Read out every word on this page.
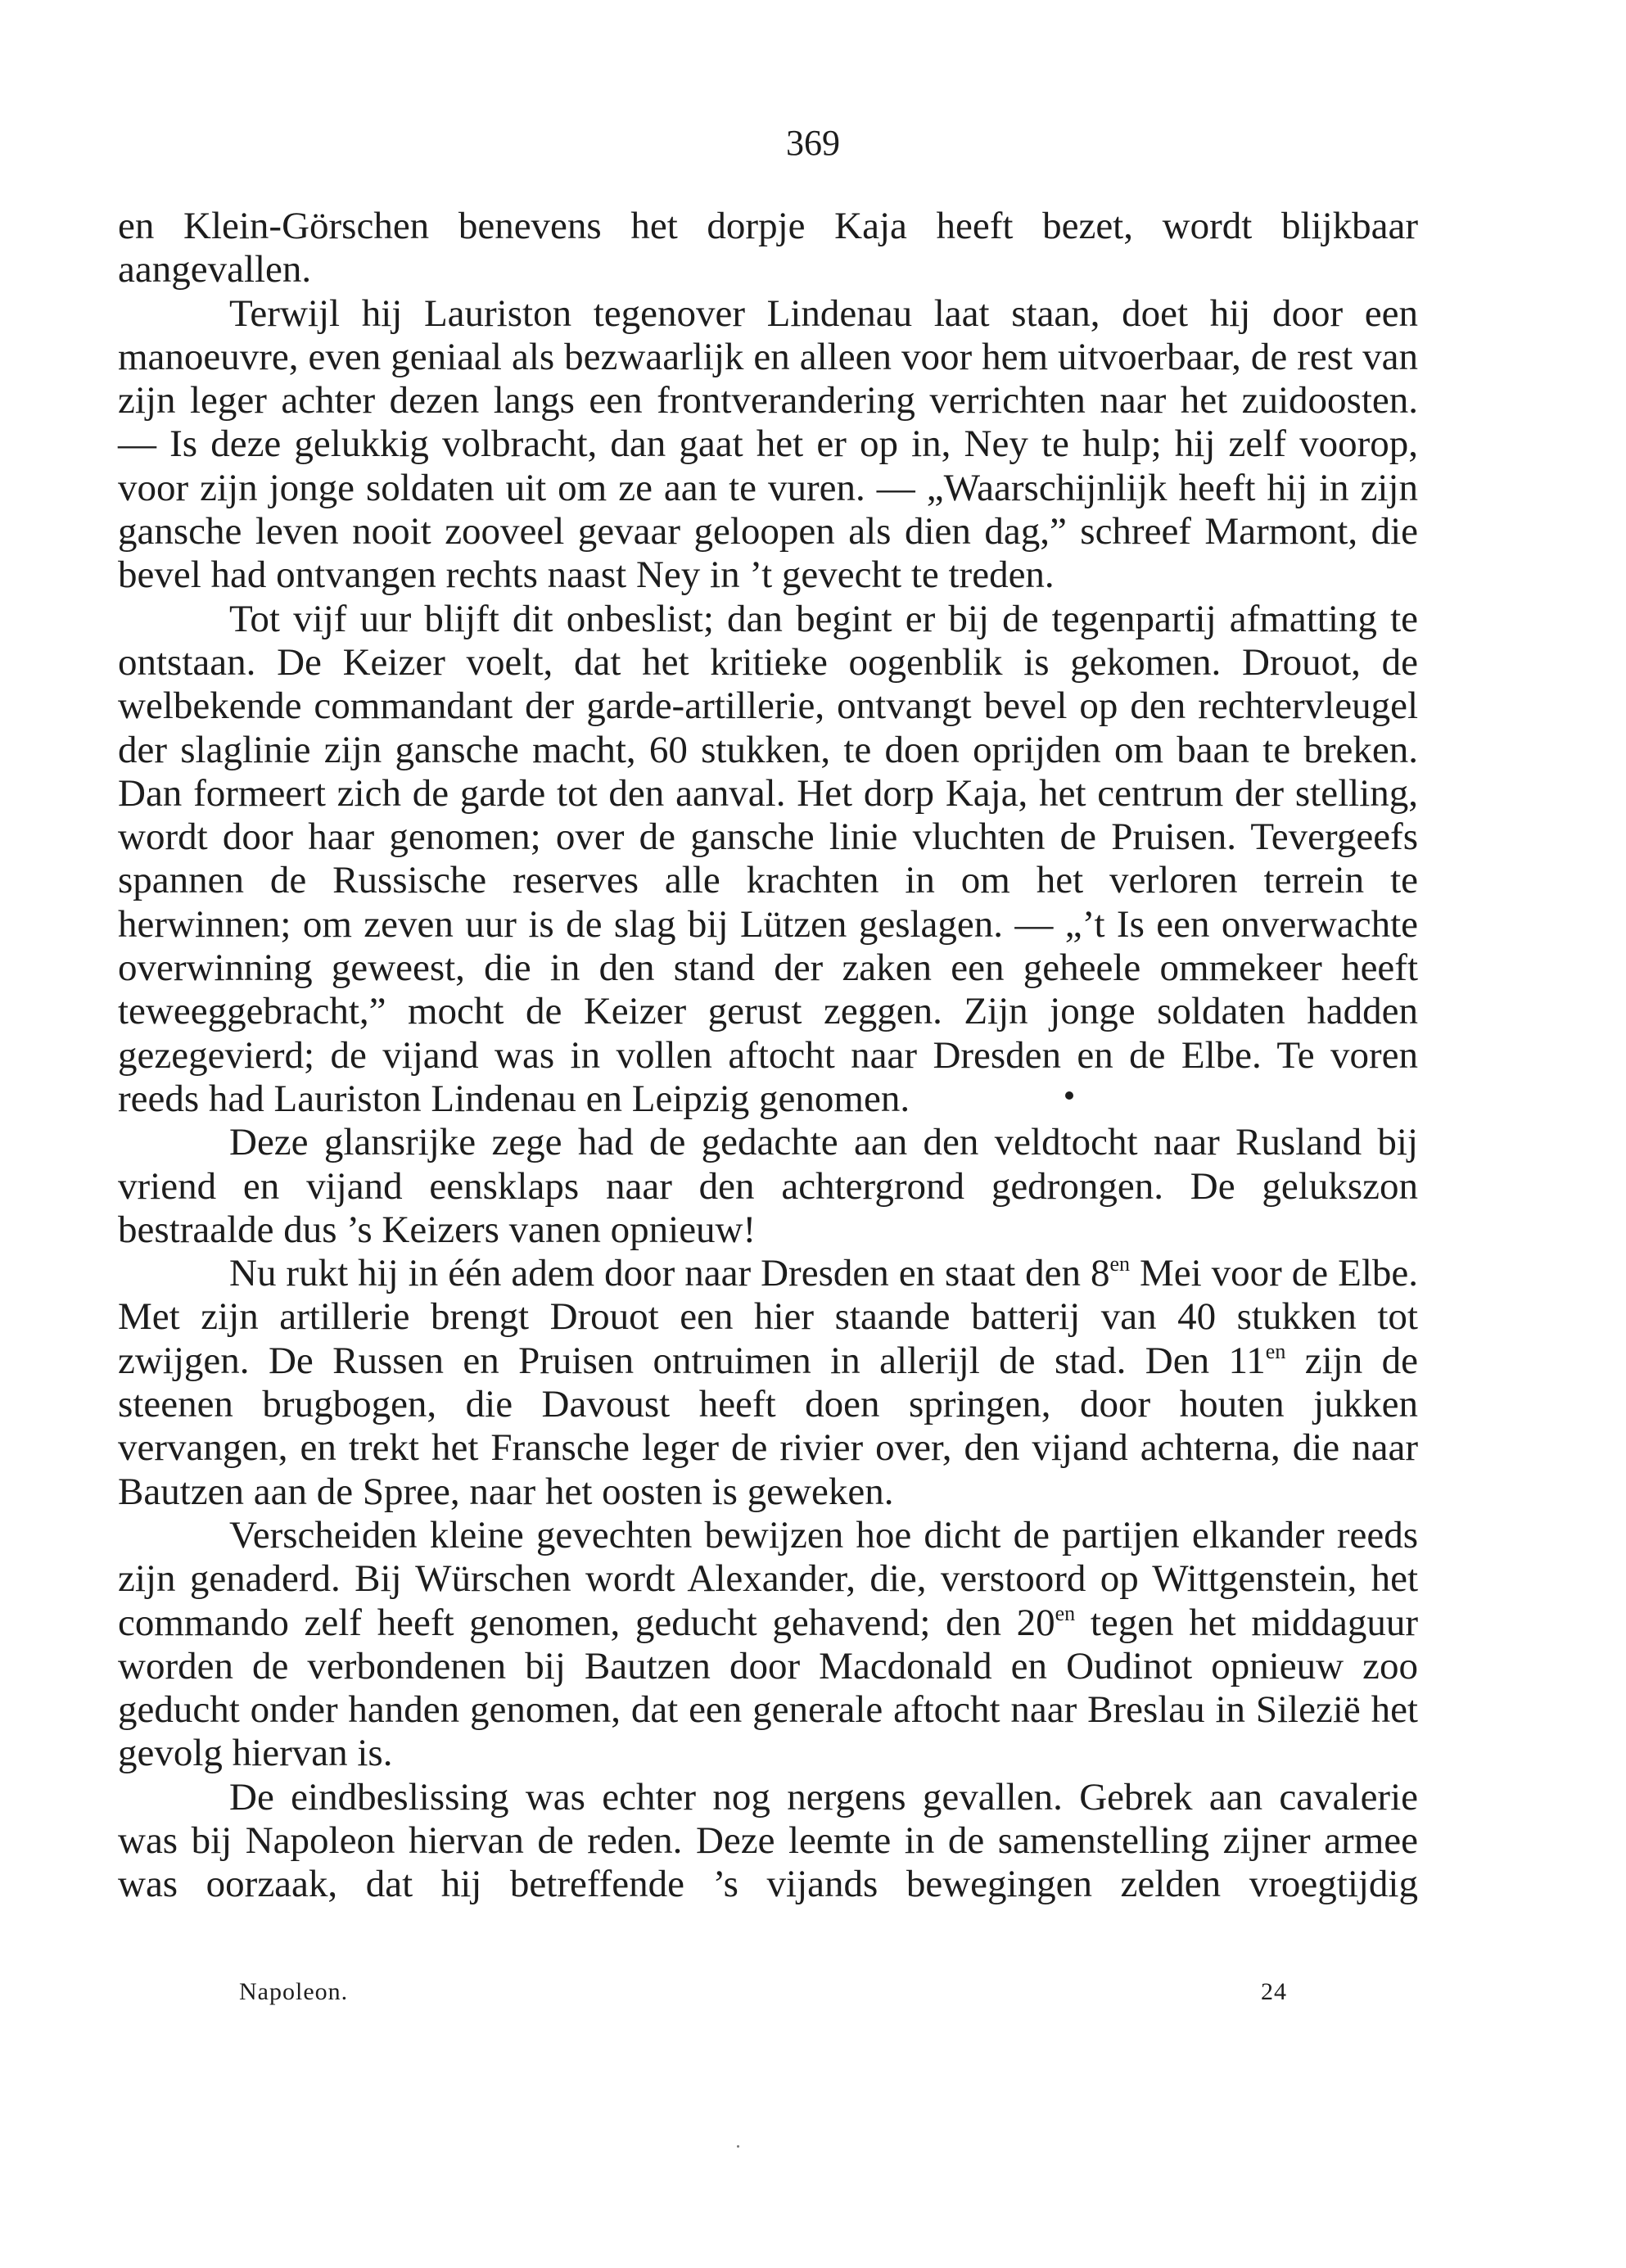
369

en Klein-Görschen benevens het dorpje Kaja heeft bezet, wordt blijkbaar aangevallen.

Terwijl hij Lauriston tegenover Lindenau laat staan, doet hij door een manoeuvre, even geniaal als bezwaarlijk en alleen voor hem uitvoerbaar, de rest van zijn leger achter dezen langs een frontverandering verrichten naar het zuidoosten. — Is deze gelukkig volbracht, dan gaat het er op in, Ney te hulp; hij zelf voorop, voor zijn jonge soldaten uit om ze aan te vuren. — „Waarschijnlijk heeft hij in zijn gansche leven nooit zooveel gevaar geloopen als dien dag,” schreef Marmont, die bevel had ontvangen rechts naast Ney in ’t gevecht te treden.

Tot vijf uur blijft dit onbeslist; dan begint er bij de tegenpartij afmatting te ontstaan. De Keizer voelt, dat het kritieke oogenblik is gekomen. Drouot, de welbekende commandant der garde-artillerie, ontvangt bevel op den rechtervleugel der slaglinie zijn gansche macht, 60 stukken, te doen oprijden om baan te breken. Dan formeert zich de garde tot den aanval. Het dorp Kaja, het centrum der stelling, wordt door haar genomen; over de gansche linie vluchten de Pruisen. Tevergeefs spannen de Russische reserves alle krachten in om het verloren terrein te herwinnen; om zeven uur is de slag bij Lützen geslagen. — „’t Is een onverwachte overwinning geweest, die in den stand der zaken een geheele ommekeer heeft teweeggebracht,” mocht de Keizer gerust zeggen. Zijn jonge soldaten hadden gezegevierd; de vijand was in vollen aftocht naar Dresden en de Elbe. Te voren reeds had Lauriston Lindenau en Leipzig genomen.

Deze glansrijke zege had de gedachte aan den veldtocht naar Rusland bij vriend en vijand eensklaps naar den achtergrond gedrongen. De gelukszon bestraalde dus ’s Keizers vanen opnieuw!

Nu rukt hij in één adem door naar Dresden en staat den $8^{en}$ Mei voor de Elbe. Met zijn artillerie brengt Drouot een hier staande batterij van 40 stukken tot zwijgen. De Russen en Pruisen ontruimen in allerijl de stad. Den $11^{en}$ zijn de steenen brugbogen, die Davoust heeft doen springen, door houten jukken vervangen, en trekt het Fransche leger de rivier over, den vijand achterna, die naar Bautzen aan de Spree, naar het oosten is geweken.

Verscheiden kleine gevechten bewijzen hoe dicht de partijen elkander reeds zijn genaderd. Bij Würschen wordt Alexander, die, verstoord op Wittgenstein, het commando zelf heeft genomen, geducht gehavend; den $20^{en}$ tegen het middaguur worden de verbondenen bij Bautzen door Macdonald en Oudinot opnieuw zoo geducht onder handen genomen, dat een generale aftocht naar Breslau in Silezië het gevolg hiervan is.

De eindbeslissing was echter nog nergens gevallen. Gebrek aan cavalerie was bij Napoleon hiervan de reden. Deze leemte in de samenstelling zijner armee was oorzaak, dat hij betreffende ’s vijands bewegingen zelden vroegtijdig

Napoleon.	24
